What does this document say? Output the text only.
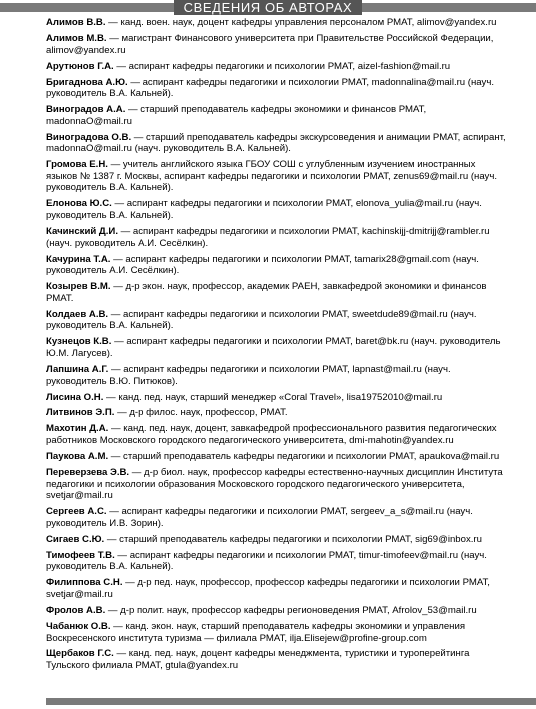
СВЕДЕНИЯ ОБ АВТОРАХ

Алимов В.В. — канд. воен. наук, доцент кафедры управления персоналом РМАТ, alimov@yandex.ru

Алимов М.В. — магистрант Финансового университета при Правительстве Российской Федерации, alimov@yandex.ru

Арутюнов Г.А. — аспирант кафедры педагогики и психологии РМАТ, aizel-fashion@mail.ru

Бригаднова А.Ю. — аспирант кафедры педагогики и психологии РМАТ, madonnalina@mail.ru (науч. руководитель В.А. Кальней).

Виноградов А.А. — старший преподаватель кафедры экономики и финансов РМАТ, madonnaO@mail.ru

Виноградова О.В. — старший преподаватель кафедры экскурсоведения и анимации РМАТ, аспирант, madonnaO@mail.ru (науч. руководитель В.А. Кальней).

Громова Е.Н. — учитель английского языка ГБОУ СОШ с углубленным изучением иностранных языков № 1387 г. Москвы, аспирант кафедры педагогики и психологии РМАТ, zenus69@mail.ru (науч. руководитель В.А. Кальней).

Елонова Ю.С. — аспирант кафедры педагогики и психологии РМАТ, elonova_yulia@mail.ru (науч. руководитель В.А. Кальней).

Качинский Д.И. — аспирант кафедры педагогики и психологии РМАТ, kachinskijj-dmitrijj@rambler.ru (науч. руководитель А.И. Сеcёлкин).

Качурина Т.А. — аспирант кафедры педагогики и психологии РМАТ, tamarix28@gmail.com (науч. руководитель А.И. Сеcёлкин).

Козырев В.М. — д-р экон. наук, профессор, академик РАЕН, завкафедрой экономики и финансов РМАТ.

Колдаев А.В. — аспирант кафедры педагогики и психологии РМАТ, sweetdude89@mail.ru (науч. руководитель В.А. Кальней).

Кузнецов К.В. — аспирант кафедры педагогики и психологии РМАТ, baret@bk.ru (науч. руководитель Ю.М. Лагусев).

Лапшина А.Г. — аспирант кафедры педагогики и психологии РМАТ, lapnast@mail.ru (науч. руководитель В.Ю. Питюков).

Лисина О.Н. — канд. пед. наук, старший менеджер «Coral Travel», lisa19752010@mail.ru

Литвинов Э.П. — д-р филос. наук, профессор, РМАТ.

Махотин Д.А. — канд. пед. наук, доцент, завкафедрой профессионального развития педагогических работников Московского городского педагогического университета, dmi-mahotin@yandex.ru

Паукова А.М. — старший преподаватель кафедры педагогики и психологии РМАТ, apaukova@mail.ru

Переверзева Э.В. — д-р биол. наук, профессор кафедры естественно-научных дисциплин Института педагогики и психологии образования Московского городского педагогического университета, svetjar@mail.ru

Сергеев А.С. — аспирант кафедры педагогики и психологии РМАТ, sergeev_a_s@mail.ru (науч. руководитель И.В. Зорин).

Сигаев С.Ю. — старший преподаватель кафедры педагогики и психологии РМАТ, sig69@inbox.ru

Тимофеев Т.В. — аспирант кафедры педагогики и психологии РМАТ, timur-timofeev@mail.ru (науч. руководитель В.А. Кальней).

Филиппова С.Н. — д-р пед. наук, профессор, профессор кафедры педагогики и психологии РМАТ, svetjar@mail.ru

Фролов А.В. — д-р полит. наук, профессор кафедры регионоведения РМАТ, Afrolov_53@mail.ru

Чабанюк О.В. — канд. экон. наук, старший преподаватель кафедры экономики и управления Воскресенского института туризма — филиала РМАТ, ilja.Elisejew@profine-group.com

Щербаков Г.С. — канд. пед. наук, доцент кафедры менеджмента, туристики и туроперейтинга Тульского филиала РМАТ, gtula@yandex.ru
